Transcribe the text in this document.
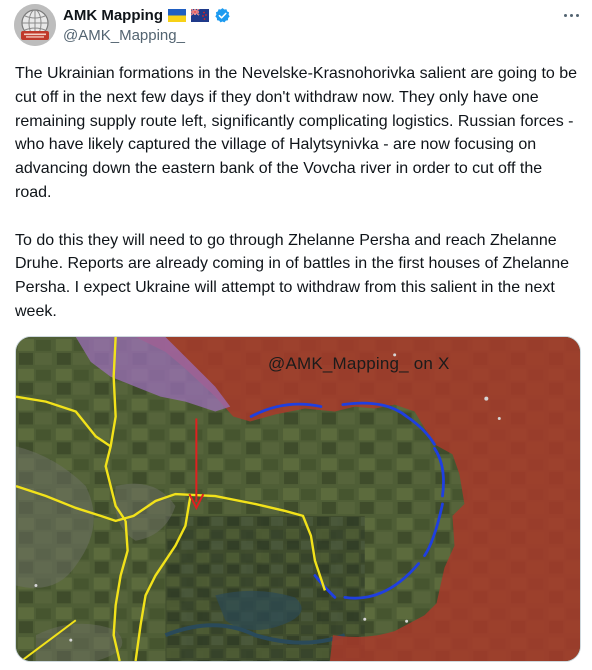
AMK Mapping
@AMK_Mapping_

The Ukrainian formations in the Nevelske-Krasnohorivka salient are going to be cut off in the next few days if they don't withdraw now. They only have one remaining supply route left, significantly complicating logistics. Russian forces - who have likely captured the village of Halytsynivka - are now focusing on advancing down the eastern bank of the Vovcha river in order to cut off the road.

To do this they will need to go through Zhelanne Persha and reach Zhelanne Druhe. Reports are already coming in of battles in the first houses of Zhelanne Persha. I expect Ukraine will attempt to withdraw from this salient in the next week.

@AMK_Mapping_ on X
